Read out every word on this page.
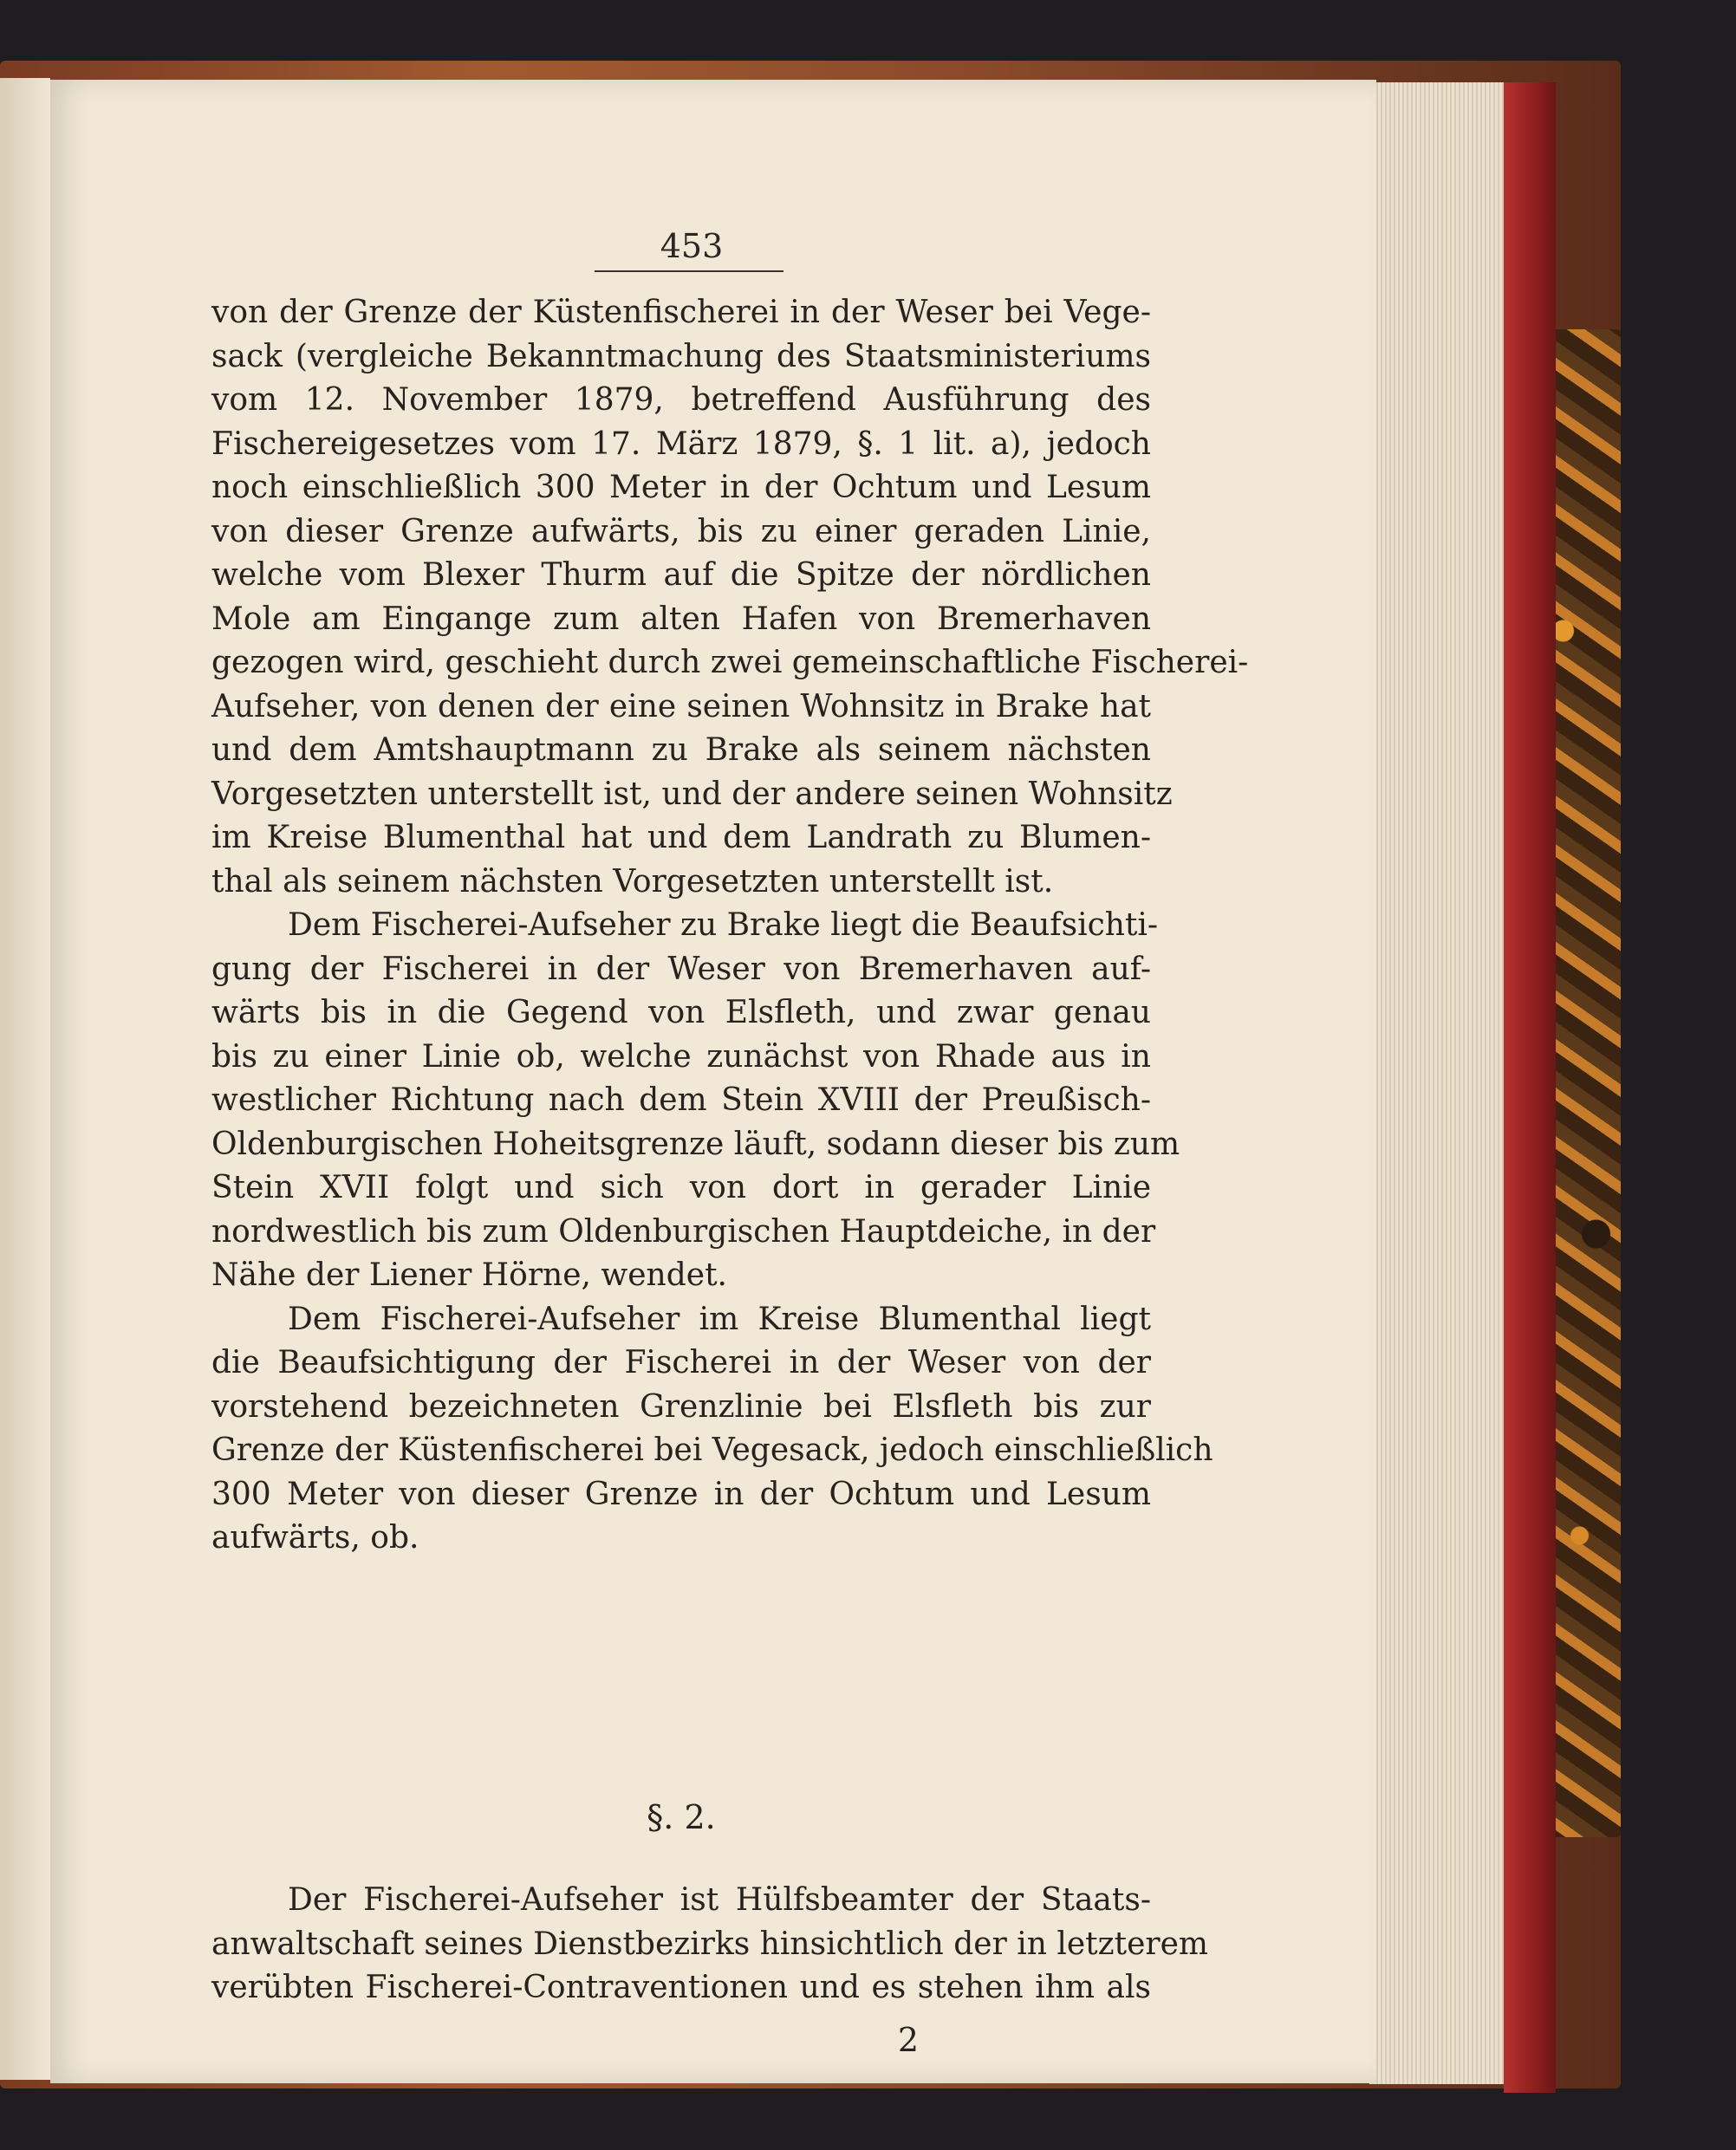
453

von der Grenze der Küstenfischerei in der Weser bei Vege-
sack (vergleiche Bekanntmachung des Staatsministeriums
vom 12. November 1879, betreffend Ausführung des
Fischereigesetzes vom 17. März 1879, §. 1 lit. a), jedoch
noch einschließlich 300 Meter in der Ochtum und Lesum
von dieser Grenze aufwärts, bis zu einer geraden Linie,
welche vom Blexer Thurm auf die Spitze der nördlichen
Mole am Eingange zum alten Hafen von Bremerhaven
gezogen wird, geschieht durch zwei gemeinschaftliche Fischerei-
Aufseher, von denen der eine seinen Wohnsitz in Brake hat
und dem Amtshauptmann zu Brake als seinem nächsten
Vorgesetzten unterstellt ist, und der andere seinen Wohnsitz
im Kreise Blumenthal hat und dem Landrath zu Blumen-
thal als seinem nächsten Vorgesetzten unterstellt ist.

Dem Fischerei-Aufseher zu Brake liegt die Beaufsichti-
gung der Fischerei in der Weser von Bremerhaven auf-
wärts bis in die Gegend von Elsfleth, und zwar genau
bis zu einer Linie ob, welche zunächst von Rhade aus in
westlicher Richtung nach dem Stein XVIII der Preußisch-
Oldenburgischen Hoheitsgrenze läuft, sodann dieser bis zum
Stein XVII folgt und sich von dort in gerader Linie
nordwestlich bis zum Oldenburgischen Hauptdeiche, in der
Nähe der Liener Hörne, wendet.

Dem Fischerei-Aufseher im Kreise Blumenthal liegt
die Beaufsichtigung der Fischerei in der Weser von der
vorstehend bezeichneten Grenzlinie bei Elsfleth bis zur
Grenze der Küstenfischerei bei Vegesack, jedoch einschließlich
300 Meter von dieser Grenze in der Ochtum und Lesum
aufwärts, ob.

§. 2.
Der Fischerei-Aufseher ist Hülfsbeamter der Staats-
anwaltschaft seines Dienstbezirks hinsichtlich der in letzterem
verübten Fischerei-Contraventionen und es stehen ihm als
2
